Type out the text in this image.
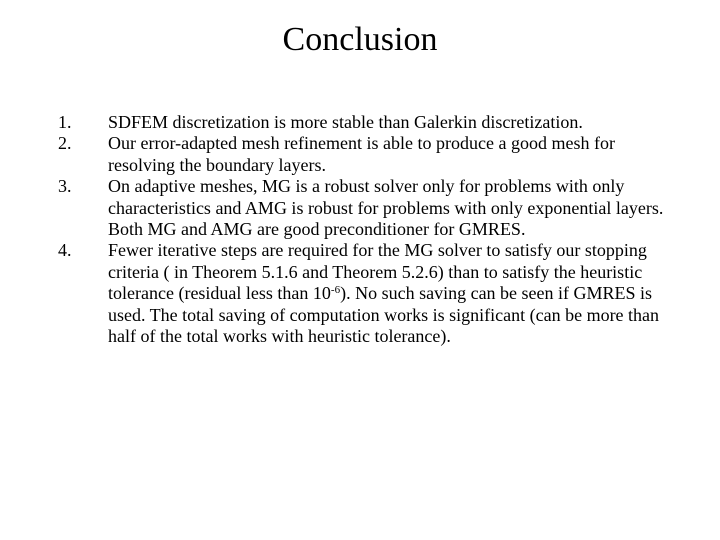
Conclusion
1.	SDFEM discretization is more stable than Galerkin discretization.
2.	Our error-adapted mesh refinement is able to produce a good mesh for resolving the boundary layers.
3.	On adaptive meshes, MG is a robust solver only for problems with only characteristics and AMG is robust for problems with only exponential layers. Both MG and AMG are good preconditioner for GMRES.
4.	Fewer iterative steps are required for the MG solver to satisfy our stopping criteria ( in Theorem 5.1.6 and Theorem 5.2.6) than to satisfy the heuristic tolerance (residual less than $10^{-6}$). No such saving can be seen if GMRES is used. The total saving of computation works is significant (can be more than half of the total works with heuristic tolerance).
